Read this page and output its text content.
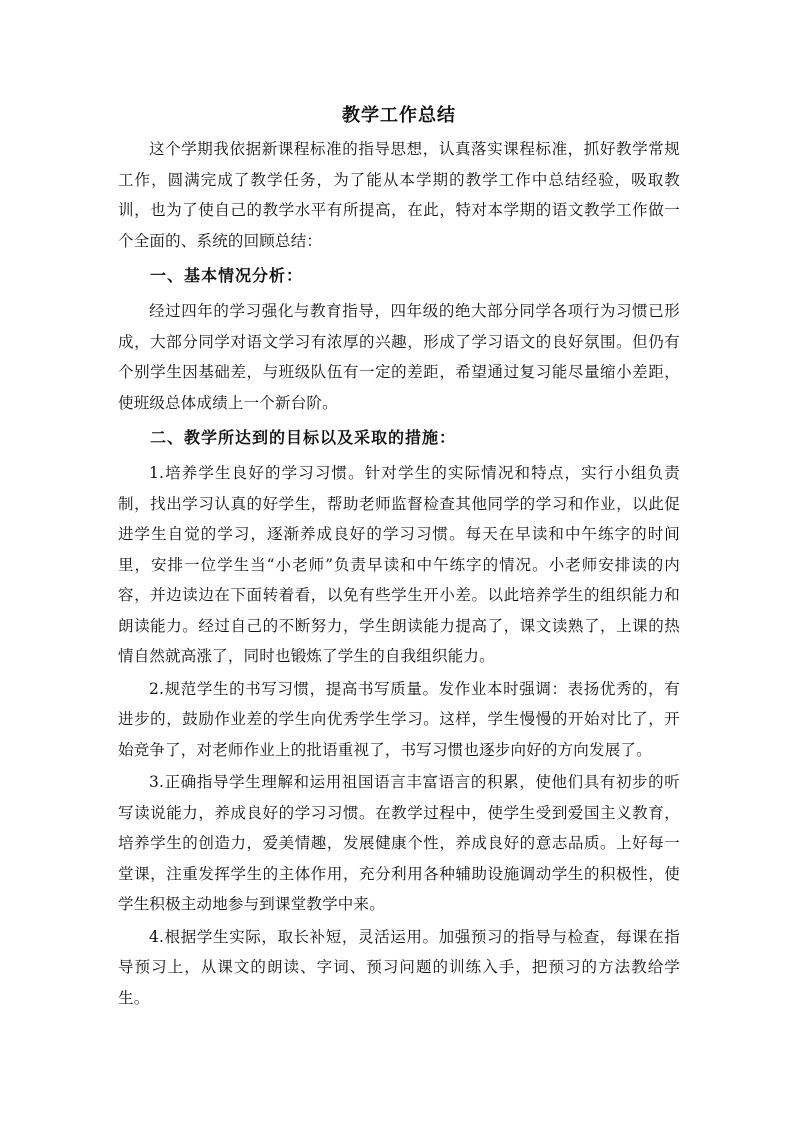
教学工作总结

这个学期我依据新课程标准的指导思想，认真落实课程标准，抓好教学常规工作，圆满完成了教学任务，为了能从本学期的教学工作中总结经验，吸取教训，也为了使自己的教学水平有所提高，在此，特对本学期的语文教学工作做一个全面的、系统的回顾总结：

一、基本情况分析：

经过四年的学习强化与教育指导，四年级的绝大部分同学各项行为习惯已形成，大部分同学对语文学习有浓厚的兴趣，形成了学习语文的良好氛围。但仍有个别学生因基础差，与班级队伍有一定的差距，希望通过复习能尽量缩小差距，使班级总体成绩上一个新台阶。

二、教学所达到的目标以及采取的措施：

1.培养学生良好的学习习惯。针对学生的实际情况和特点，实行小组负责制，找出学习认真的好学生，帮助老师监督检查其他同学的学习和作业，以此促进学生自觉的学习，逐渐养成良好的学习习惯。每天在早读和中午练字的时间里，安排一位学生当“小老师”负责早读和中午练字的情况。小老师安排读的内容，并边读边在下面转着看，以免有些学生开小差。以此培养学生的组织能力和朗读能力。经过自己的不断努力，学生朗读能力提高了，课文读熟了，上课的热情自然就高涨了，同时也锻炼了学生的自我组织能力。

2.规范学生的书写习惯，提高书写质量。发作业本时强调：表扬优秀的，有进步的，鼓励作业差的学生向优秀学生学习。这样，学生慢慢的开始对比了，开始竞争了，对老师作业上的批语重视了，书写习惯也逐步向好的方向发展了。

3.正确指导学生理解和运用祖国语言丰富语言的积累，使他们具有初步的听写读说能力，养成良好的学习习惯。在教学过程中，使学生受到爱国主义教育，培养学生的创造力，爱美情趣，发展健康个性，养成良好的意志品质。上好每一堂课，注重发挥学生的主体作用，充分利用各种辅助设施调动学生的积极性，使学生积极主动地参与到课堂教学中来。

4.根据学生实际，取长补短，灵活运用。加强预习的指导与检查，每课在指导预习上，从课文的朗读、字词、预习问题的训练入手，把预习的方法教给学生。
